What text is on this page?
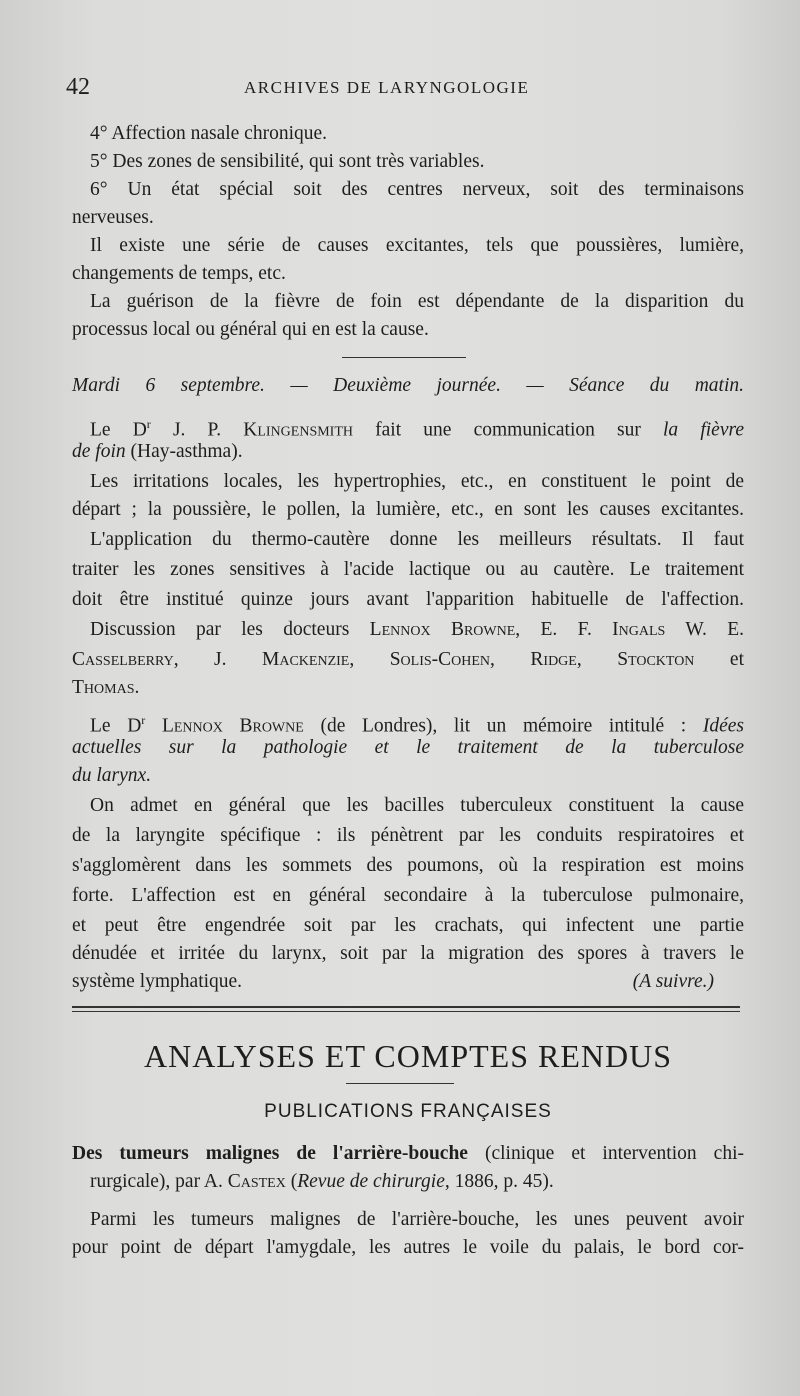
42	ARCHIVES DE LARYNGOLOGIE
4° Affection nasale chronique.
5° Des zones de sensibilité, qui sont très variables.
6° Un état spécial soit des centres nerveux, soit des terminaisons
nerveuses.
Il existe une série de causes excitantes, tels que poussières, lumière,
changements de temps, etc.
La guérison de la fièvre de foin est dépendante de la disparition du
processus local ou général qui en est la cause.
Mardi 6 septembre. — Deuxième journée. — Séance du matin.
Le $D^r$ J. P. Klingensmith fait une communication sur la fièvre
de foin (Hay-asthma).
Les irritations locales, les hypertrophies, etc., en constituent le point de
départ ; la poussière, le pollen, la lumière, etc., en sont les causes excitantes.
L'application du thermo-cautère donne les meilleurs résultats. Il faut
traiter les zones sensitives à l'acide lactique ou au cautère. Le traitement
doit être institué quinze jours avant l'apparition habituelle de l'affection.
Discussion par les docteurs Lennox Browne, E. F. Ingals W. E.
Casselberry, J. Mackenzie, Solis-Cohen, Ridge, Stockton et
Thomas.
Le $D^r$ Lennox Browne (de Londres), lit un mémoire intitulé : Idées
actuelles sur la pathologie et le traitement de la tuberculose
du larynx.
On admet en général que les bacilles tuberculeux constituent la cause
de la laryngite spécifique : ils pénètrent par les conduits respiratoires et
s'agglomèrent dans les sommets des poumons, où la respiration est moins
forte. L'affection est en général secondaire à la tuberculose pulmonaire,
et peut être engendrée soit par les crachats, qui infectent une partie
dénudée et irritée du larynx, soit par la migration des spores à travers le
système lymphatique.	(A suivre.)
ANALYSES ET COMPTES RENDUS
PUBLICATIONS FRANÇAISES
Des tumeurs malignes de l'arrière-bouche (clinique et intervention chi-
rurgicale), par A. Castex (Revue de chirurgie, 1886, p. 45).
Parmi les tumeurs malignes de l'arrière-bouche, les unes peuvent avoir
pour point de départ l'amygdale, les autres le voile du palais, le bord cor-
